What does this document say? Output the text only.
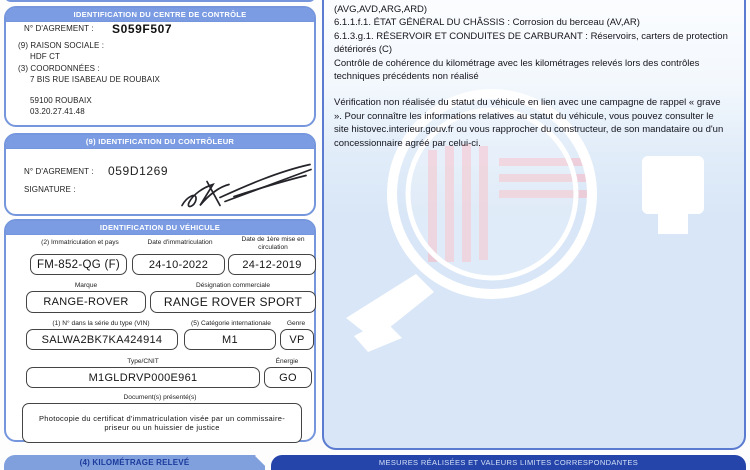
IDENTIFICATION DU CENTRE DE CONTRÔLE
N° D'AGREMENT : S059F507
(9) RAISON SOCIALE :
HDF CT
(3) COORDONNÉES :
7 BIS RUE ISABEAU DE ROUBAIX
59100 ROUBAIX
03.20.27.41.48
(9) IDENTIFICATION DU CONTRÔLEUR
N° D'AGREMENT : 059D1269
SIGNATURE :
IDENTIFICATION DU VÉHICULE
(2) Immatriculation et pays	Date d'immatriculation	Date de 1ère mise en circulation
FM-852-QG (F)	24-10-2022	24-12-2019
Marque	Désignation commerciale
RANGE-ROVER	RANGE ROVER SPORT
(1) N° dans la série du type (VIN)	(5) Catégorie internationale	Genre
SALWA2BK7KA424914	M1	VP
Type/CNIT	Énergie
M1GLDRVP000E961	GO
Document(s) présenté(s)
Photocopie du certificat d'immatriculation visée par un commissaire-priseur ou un huissier de justice
(AVG,AVD,ARG,ARD)
6.1.1.f.1. ÉTAT GÉNÉRAL DU CHÂSSIS : Corrosion du berceau (AV,AR)
6.1.3.g.1. RÉSERVOIR ET CONDUITES DE CARBURANT : Réservoirs, carters de protection détériorés (C)

Contrôle de cohérence du kilométrage avec les kilométrages relevés lors des contrôles techniques précédents non réalisé

Vérification non réalisée du statut du véhicule en lien avec une campagne de rappel « grave ». Pour connaître les informations relatives au statut du véhicule, vous pouvez consulter le site histovec.interieur.gouv.fr ou vous rapprocher du constructeur, de son mandataire ou d'un concessionnaire agréé par celui-ci.

(4) KILOMÉTRAGE RELEVÉ	MESURES RÉALISÉES ET VALEURS LIMITES CORRESPONDANTES
